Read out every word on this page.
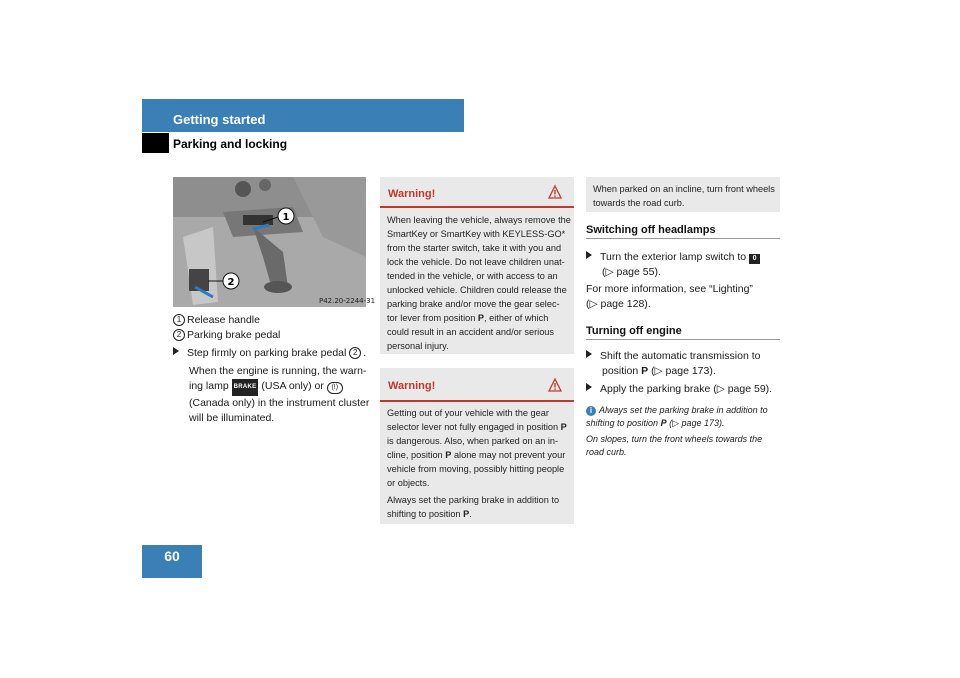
Getting started
Parking and locking
1
2
P42.20-2244-31
1 Release handle
2 Parking brake pedal
Step firmly on parking brake pedal 2 .
When the engine is running, the warn-
ing lamp BRAKE (USA only) or (!)
(Canada only) in the instrument cluster
will be illuminated.
Warning!
When leaving the vehicle, always remove the
SmartKey or SmartKey with KEYLESS-GO*
from the starter switch, take it with you and
lock the vehicle. Do not leave children unat-
tended in the vehicle, or with access to an
unlocked vehicle. Children could release the
parking brake and/or move the gear selec-
tor lever from position P, either of which
could result in an accident and/or serious
personal injury.
Warning!
Getting out of your vehicle with the gear
selector lever not fully engaged in position P
is dangerous. Also, when parked on an in-
cline, position P alone may not prevent your
vehicle from moving, possibly hitting people
or objects.
Always set the parking brake in addition to
shifting to position P.
When parked on an incline, turn front wheels
towards the road curb.
Switching off headlamps
Turn the exterior lamp switch to 0
(▷ page 55).
For more information, see “Lighting”
(▷ page 128).
Turning off engine
Shift the automatic transmission to
position P (▷ page 173).
Apply the parking brake (▷ page 59).
i Always set the parking brake in addition to
shifting to position P (▷ page 173).
On slopes, turn the front wheels towards the
road curb.
60
